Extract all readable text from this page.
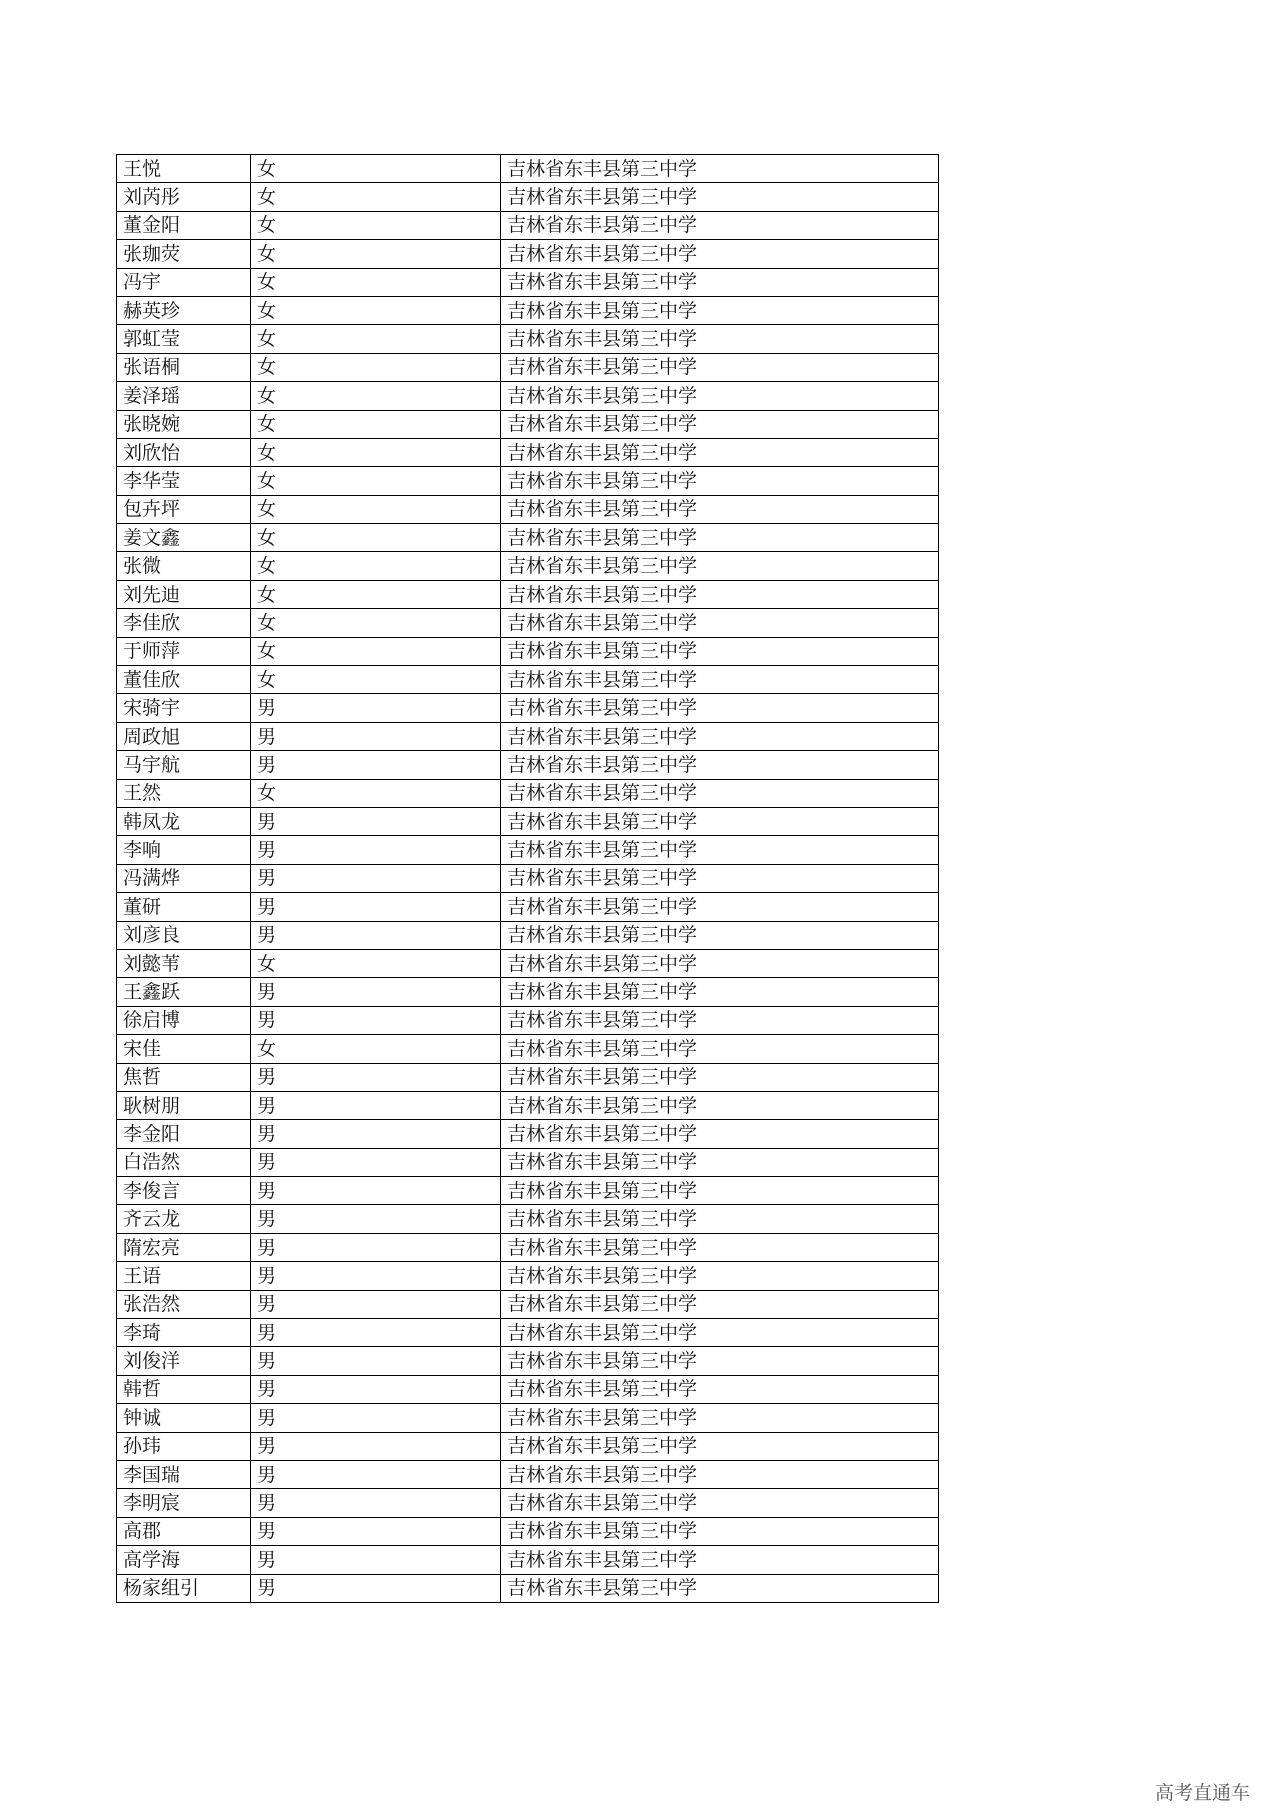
王悦	女	吉林省东丰县第三中学
刘芮彤	女	吉林省东丰县第三中学
董金阳	女	吉林省东丰县第三中学
张珈荧	女	吉林省东丰县第三中学
冯宇	女	吉林省东丰县第三中学
赫英珍	女	吉林省东丰县第三中学
郭虹莹	女	吉林省东丰县第三中学
张语桐	女	吉林省东丰县第三中学
姜泽瑶	女	吉林省东丰县第三中学
张晓婉	女	吉林省东丰县第三中学
刘欣怡	女	吉林省东丰县第三中学
李华莹	女	吉林省东丰县第三中学
包卉坪	女	吉林省东丰县第三中学
姜文鑫	女	吉林省东丰县第三中学
张微	女	吉林省东丰县第三中学
刘先迪	女	吉林省东丰县第三中学
李佳欣	女	吉林省东丰县第三中学
于师萍	女	吉林省东丰县第三中学
董佳欣	女	吉林省东丰县第三中学
宋骑宇	男	吉林省东丰县第三中学
周政旭	男	吉林省东丰县第三中学
马宇航	男	吉林省东丰县第三中学
王然	女	吉林省东丰县第三中学
韩凤龙	男	吉林省东丰县第三中学
李响	男	吉林省东丰县第三中学
冯满烨	男	吉林省东丰县第三中学
董研	男	吉林省东丰县第三中学
刘彦良	男	吉林省东丰县第三中学
刘懿苇	女	吉林省东丰县第三中学
王鑫跃	男	吉林省东丰县第三中学
徐启博	男	吉林省东丰县第三中学
宋佳	女	吉林省东丰县第三中学
焦哲	男	吉林省东丰县第三中学
耿树朋	男	吉林省东丰县第三中学
李金阳	男	吉林省东丰县第三中学
白浩然	男	吉林省东丰县第三中学
李俊言	男	吉林省东丰县第三中学
齐云龙	男	吉林省东丰县第三中学
隋宏亮	男	吉林省东丰县第三中学
王语	男	吉林省东丰县第三中学
张浩然	男	吉林省东丰县第三中学
李琦	男	吉林省东丰县第三中学
刘俊洋	男	吉林省东丰县第三中学
韩哲	男	吉林省东丰县第三中学
钟诚	男	吉林省东丰县第三中学
孙玮	男	吉林省东丰县第三中学
李国瑞	男	吉林省东丰县第三中学
李明宸	男	吉林省东丰县第三中学
高郡	男	吉林省东丰县第三中学
高学海	男	吉林省东丰县第三中学
杨家组引	男	吉林省东丰县第三中学
高考直通车
